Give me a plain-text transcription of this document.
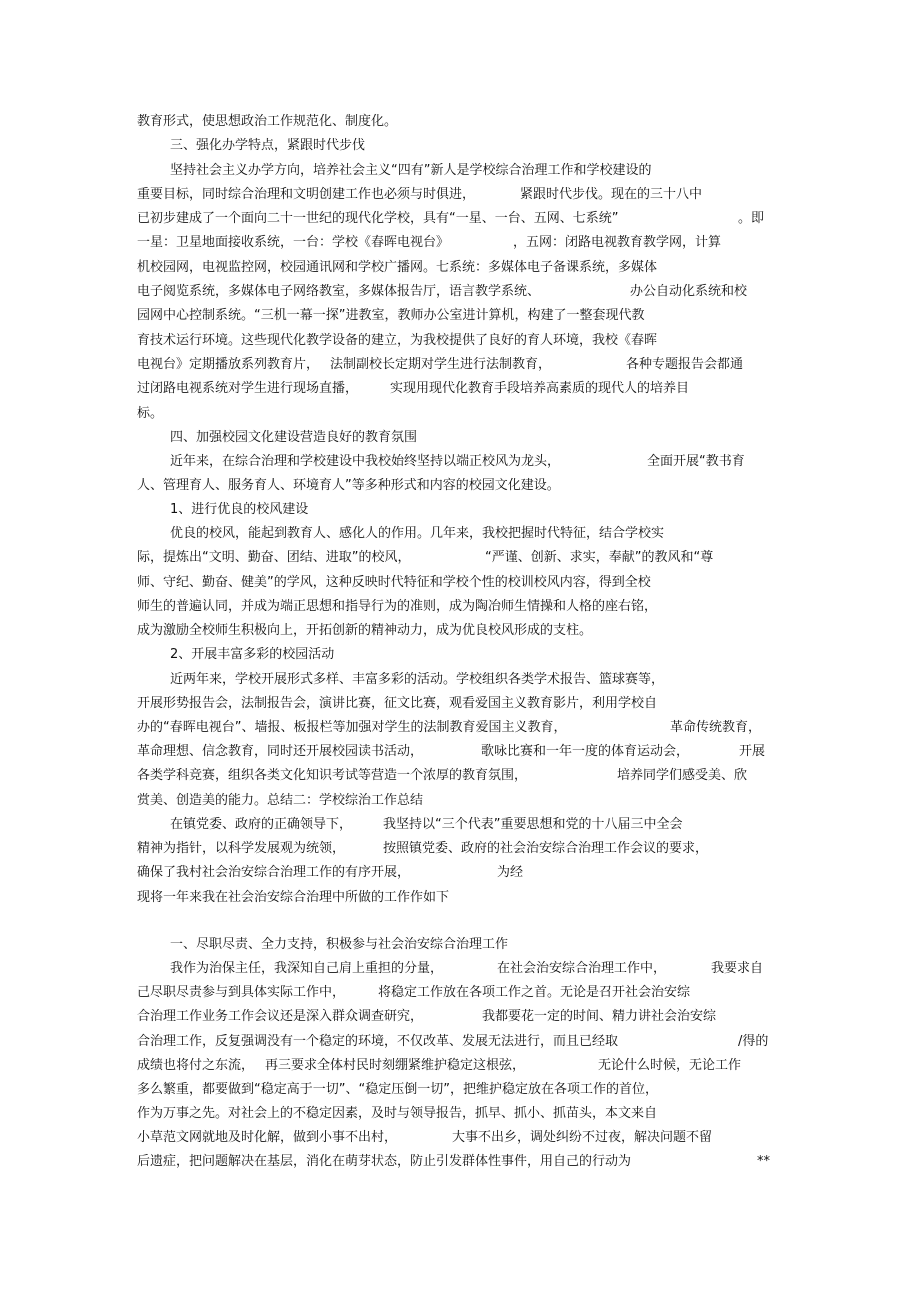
教育形式，使思想政治工作规范化、制度化。
三、强化办学特点，紧跟时代步伐
坚持社会主义办学方向，培养社会主义“四有”新人是学校综合治理工作和学校建设的
重要目标，同时综合治理和文明创建工作也必须与时俱进，	紧跟时代步伐。现在的三十八中
已初步建成了一个面向二十一世纪的现代化学校，具有“一星、一台、五网、七系统”	。即
一星：卫星地面接收系统，一台：学校《春晖电视台》	，五网：闭路电视教育教学网，计算
机校园网，电视监控网，校园通讯网和学校广播网。七系统：多媒体电子备课系统，多媒体
电子阅览系统，多媒体电子网络教室，多媒体报告厅，语言教学系统、	办公自动化系统和校
园网中心控制系统。“三机一幕一探”进教室，教师办公室进计算机，构建了一整套现代教
育技术运行环境。这些现代化教学设备的建立，为我校提供了良好的育人环境，我校《春晖
电视台》定期播放系列教育片， 法制副校长定期对学生进行法制教育，	各种专题报告会都通
过闭路电视系统对学生进行现场直播， 实现用现代化教育手段培养高素质的现代人的培养目
标。
四、加强校园文化建设营造良好的教育氛围
近年来，在综合治理和学校建设中我校始终坚持以端正校风为龙头，	全面开展“教书育
人、管理育人、服务育人、环境育人”等多种形式和内容的校园文化建设。
1、进行优良的校风建设
优良的校风，能起到教育人、感化人的作用。几年来，我校把握时代特征，结合学校实
际，提炼出“文明、勤奋、团结、进取”的校风，	“严谨、创新、求实，奉献”的教风和“尊
师、守纪、勤奋、健美”的学风，这种反映时代特征和学校个性的校训校风内容，得到全校
师生的普遍认同，并成为端正思想和指导行为的准则，成为陶冶师生情操和人格的座右铭，
成为激励全校师生积极向上，开拓创新的精神动力，成为优良校风形成的支柱。
2、开展丰富多彩的校园活动
近两年来，学校开展形式多样、丰富多彩的活动。学校组织各类学术报告、篮球赛等，
开展形势报告会，法制报告会，演讲比赛，征文比赛，观看爱国主义教育影片，利用学校自
办的“春晖电视台”、墙报、板报栏等加强对学生的法制教育爱国主义教育，	革命传统教育，
革命理想、信念教育，同时还开展校园读书活动，	歌咏比赛和一年一度的体育运动会，	开展
各类学科竞赛，组织各类文化知识考试等营造一个浓厚的教育氛围，	培养同学们感受美、欣
赏美、创造美的能力。总结二：学校综治工作总结
在镇党委、政府的正确领导下， 我坚持以“三个代表”重要思想和党的十八届三中全会
精神为指针，以科学发展观为统领，	按照镇党委、政府的社会治安综合治理工作会议的要求，
确保了我村社会治安综合治理工作的有序开展，	为经
现将一年来我在社会治安综合治理中所做的工作作如下
一、尽职尽责、全力支持，积极参与社会治安综合治理工作
我作为治保主任，我深知自己肩上重担的分量，	在社会治安综合治理工作中，	我要求自
己尽职尽责参与到具体实际工作中，	将稳定工作放在各项工作之首。无论是召开社会治安综
合治理工作业务工作会议还是深入群众调查研究，	我都要花一定的时间、精力讲社会治安综
合治理工作，反复强调没有一个稳定的环境，不仅改革、发展无法进行，而且已经取	/得的
成绩也将付之东流， 再三要求全体村民时刻绷紧维护稳定这根弦，	无论什么时候，无论工作
多么繁重，都要做到“稳定高于一切”、“稳定压倒一切”，把维护稳定放在各项工作的首位，
作为万事之先。对社会上的不稳定因素，及时与领导报告，抓早、抓小、抓苗头，本文来自
小草范文网就地及时化解，做到小事不出村，	大事不出乡，调处纠纷不过夜，解决问题不留
后遗症，把问题解决在基层，消化在萌芽状态，防止引发群体性事件，用自己的行动为	**
